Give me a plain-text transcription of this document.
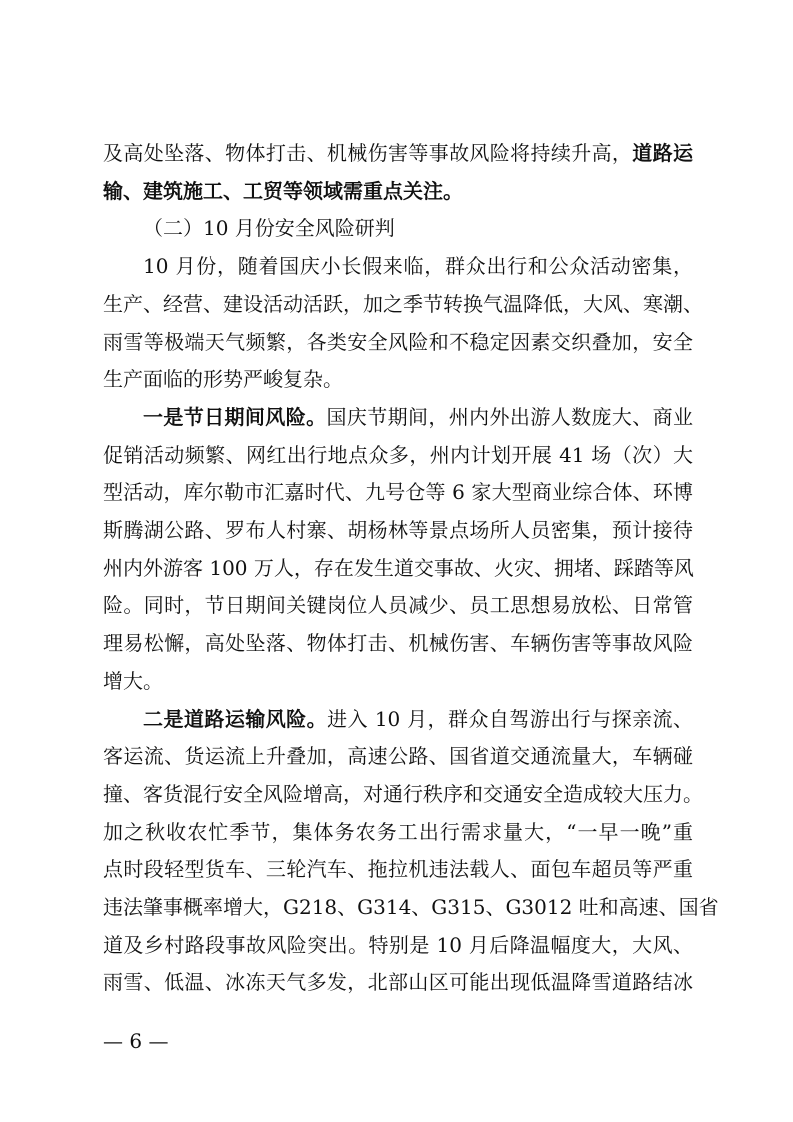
及高处坠落、物体打击、机械伤害等事故风险将持续升高，道路运
输、建筑施工、工贸等领域需重点关注。
（二）10 月份安全风险研判
10 月份，随着国庆小长假来临，群众出行和公众活动密集，
生产、经营、建设活动活跃，加之季节转换气温降低，大风、寒潮、
雨雪等极端天气频繁，各类安全风险和不稳定因素交织叠加，安全
生产面临的形势严峻复杂。
一是节日期间风险。国庆节期间，州内外出游人数庞大、商业
促销活动频繁、网红出行地点众多，州内计划开展 41 场（次）大
型活动，库尔勒市汇嘉时代、九号仓等 6 家大型商业综合体、环博
斯腾湖公路、罗布人村寨、胡杨林等景点场所人员密集，预计接待
州内外游客 100 万人，存在发生道交事故、火灾、拥堵、踩踏等风
险。同时，节日期间关键岗位人员减少、员工思想易放松、日常管
理易松懈，高处坠落、物体打击、机械伤害、车辆伤害等事故风险
增大。
二是道路运输风险。进入 10 月，群众自驾游出行与探亲流、
客运流、货运流上升叠加，高速公路、国省道交通流量大，车辆碰
撞、客货混行安全风险增高，对通行秩序和交通安全造成较大压力。
加之秋收农忙季节，集体务农务工出行需求量大，“一早一晚”重
点时段轻型货车、三轮汽车、拖拉机违法载人、面包车超员等严重
违法肇事概率增大，G218、G314、G315、G3012 吐和高速、国省
道及乡村路段事故风险突出。特别是 10 月后降温幅度大，大风、
雨雪、低温、冰冻天气多发，北部山区可能出现低温降雪道路结冰
— 6 —
